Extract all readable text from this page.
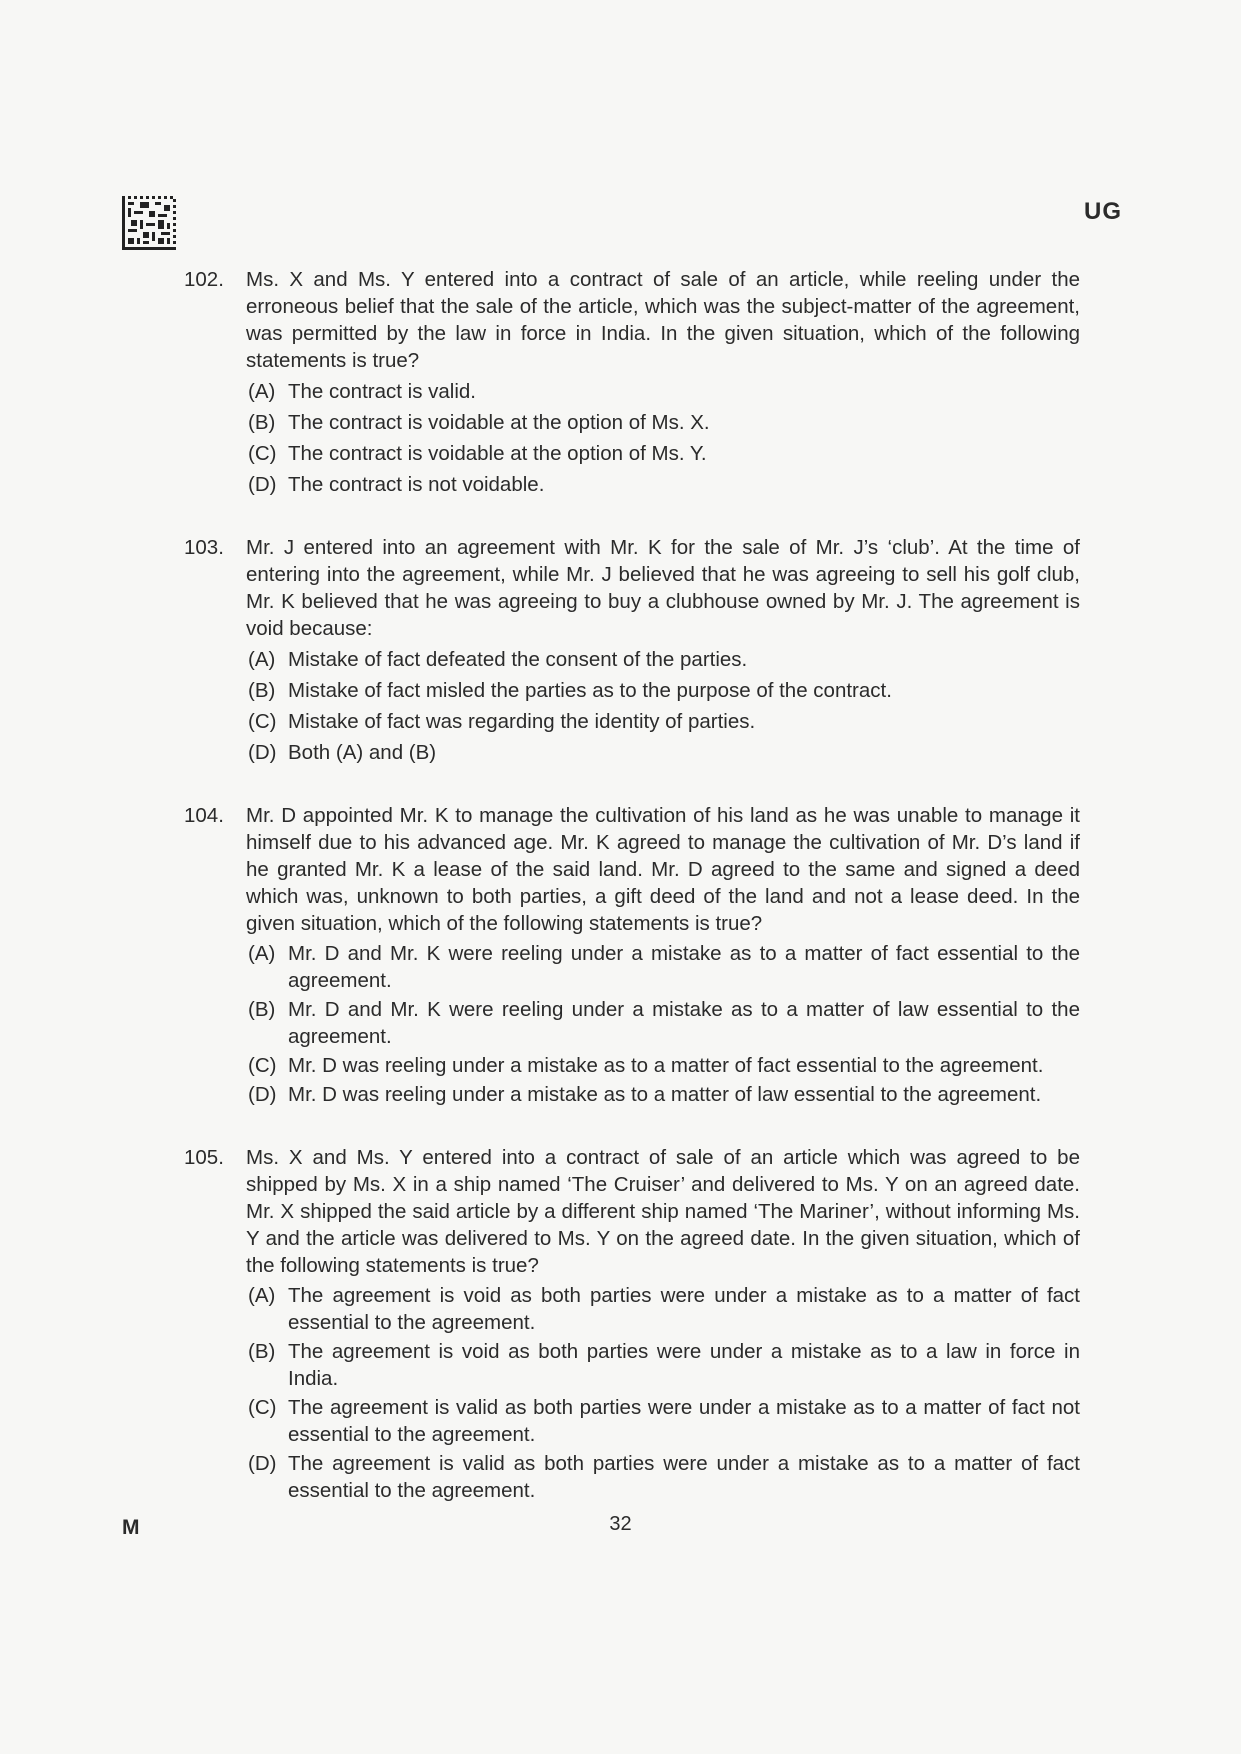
UG
102. Ms. X and Ms. Y entered into a contract of sale of an article, while reeling under the erroneous belief that the sale of the article, which was the subject-matter of the agreement, was permitted by the law in force in India. In the given situation, which of the following statements is true?
(A) The contract is valid.
(B) The contract is voidable at the option of Ms. X.
(C) The contract is voidable at the option of Ms. Y.
(D) The contract is not voidable.
103. Mr. J entered into an agreement with Mr. K for the sale of Mr. J’s ‘club’. At the time of entering into the agreement, while Mr. J believed that he was agreeing to sell his golf club, Mr. K believed that he was agreeing to buy a clubhouse owned by Mr. J. The agreement is void because:
(A) Mistake of fact defeated the consent of the parties.
(B) Mistake of fact misled the parties as to the purpose of the contract.
(C) Mistake of fact was regarding the identity of parties.
(D) Both (A) and (B)
104. Mr. D appointed Mr. K to manage the cultivation of his land as he was unable to manage it himself due to his advanced age. Mr. K agreed to manage the cultivation of Mr. D’s land if he granted Mr. K a lease of the said land. Mr. D agreed to the same and signed a deed which was, unknown to both parties, a gift deed of the land and not a lease deed. In the given situation, which of the following statements is true?
(A) Mr. D and Mr. K were reeling under a mistake as to a matter of fact essential to the agreement.
(B) Mr. D and Mr. K were reeling under a mistake as to a matter of law essential to the agreement.
(C) Mr. D was reeling under a mistake as to a matter of fact essential to the agreement.
(D) Mr. D was reeling under a mistake as to a matter of law essential to the agreement.
105. Ms. X and Ms. Y entered into a contract of sale of an article which was agreed to be shipped by Ms. X in a ship named ‘The Cruiser’ and delivered to Ms. Y on an agreed date. Mr. X shipped the said article by a different ship named ‘The Mariner’, without informing Ms. Y and the article was delivered to Ms. Y on the agreed date. In the given situation, which of the following statements is true?
(A) The agreement is void as both parties were under a mistake as to a matter of fact essential to the agreement.
(B) The agreement is void as both parties were under a mistake as to a law in force in India.
(C) The agreement is valid as both parties were under a mistake as to a matter of fact not essential to the agreement.
(D) The agreement is valid as both parties were under a mistake as to a matter of fact essential to the agreement.
M	32
